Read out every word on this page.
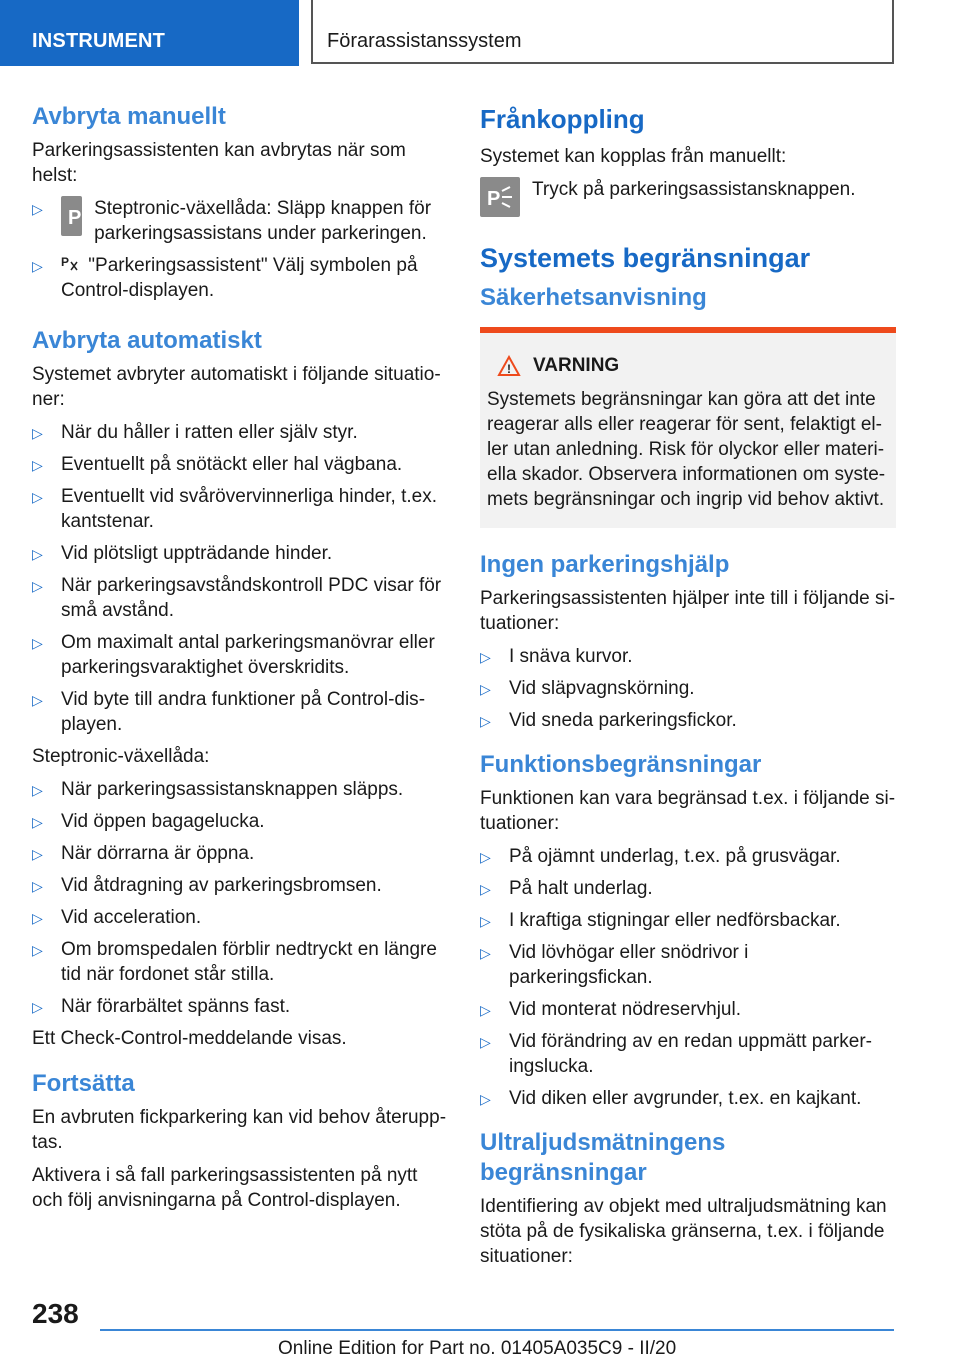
INSTRUMENT	Förarassistanssystem
Avbryta manuellt

Parkeringsassistenten kan avbrytas när som helst:

▷ P Steptronic-växellåda: Släpp knappen för parkeringsassistans under parkeringen.
▷ P "Parkeringsassistent" Välj symbolen på Control-displayen.
Avbryta automatiskt

Systemet avbryter automatiskt i följande situationer:

▷ När du håller i ratten eller själv styr.
▷ Eventuellt på snötäckt eller hal vägbana.
▷ Eventuellt vid svårövervinnerliga hinder, t.ex. kantstenar.
▷ Vid plötsligt uppträdande hinder.
▷ När parkeringsavståndskontroll PDC visar för små avstånd.
▷ Om maximalt antal parkeringsmanövrar eller parkeringsvaraktighet överskridits.
▷ Vid byte till andra funktioner på Control-displayen.

Steptronic-växellåda:

▷ När parkeringsassistansknappen släpps.
▷ Vid öppen bagagelucka.
▷ När dörrarna är öppna.
▷ Vid åtdragning av parkeringsbromsen.
▷ Vid acceleration.
▷ Om bromspedalen förblir nedtryckt en längre tid när fordonet står stilla.
▷ När förarbältet spänns fast.

Ett Check-Control-meddelande visas.

Fortsätta

En avbruten fickparkering kan vid behov återupptas.

Aktivera i så fall parkeringsassistenten på nytt och följ anvisningarna på Control-displayen.

Frånkoppling

Systemet kan kopplas från manuellt:

P	Tryck på parkeringsassistansknappen.
Systemets begränsningar
Säkerhetsanvisning
! VARNING

Systemets begränsningar kan göra att det inte reagerar alls eller reagerar för sent, felaktigt eller utan anledning. Risk för olyckor eller materiella skador. Observera informationen om systemets begränsningar och ingrip vid behov aktivt.

Ingen parkeringshjälp

Parkeringsassistenten hjälper inte till i följande situationer:

▷ I snäva kurvor.
▷ Vid släpvagnskörning.
▷ Vid sneda parkeringsfickor.
Funktionsbegränsningar

Funktionen kan vara begränsad t.ex. i följande situationer:

▷ På ojämnt underlag, t.ex. på grusvägar.
▷ På halt underlag.
▷ I kraftiga stigningar eller nedförsbackar.
▷ Vid lövhögar eller snödrivor i parkeringsfickan.
▷ Vid monterat nödreservhjul.
▷ Vid förändring av en redan uppmätt parkeringslucka.
▷ Vid diken eller avgrunder, t.ex. en kajkant.
Ultraljudsmätningens begränsningar

Identifiering av objekt med ultraljudsmätning kan stöta på de fysikaliska gränserna, t.ex. i följande situationer:

238
Online Edition for Part no. 01405A035C9 - II/20
